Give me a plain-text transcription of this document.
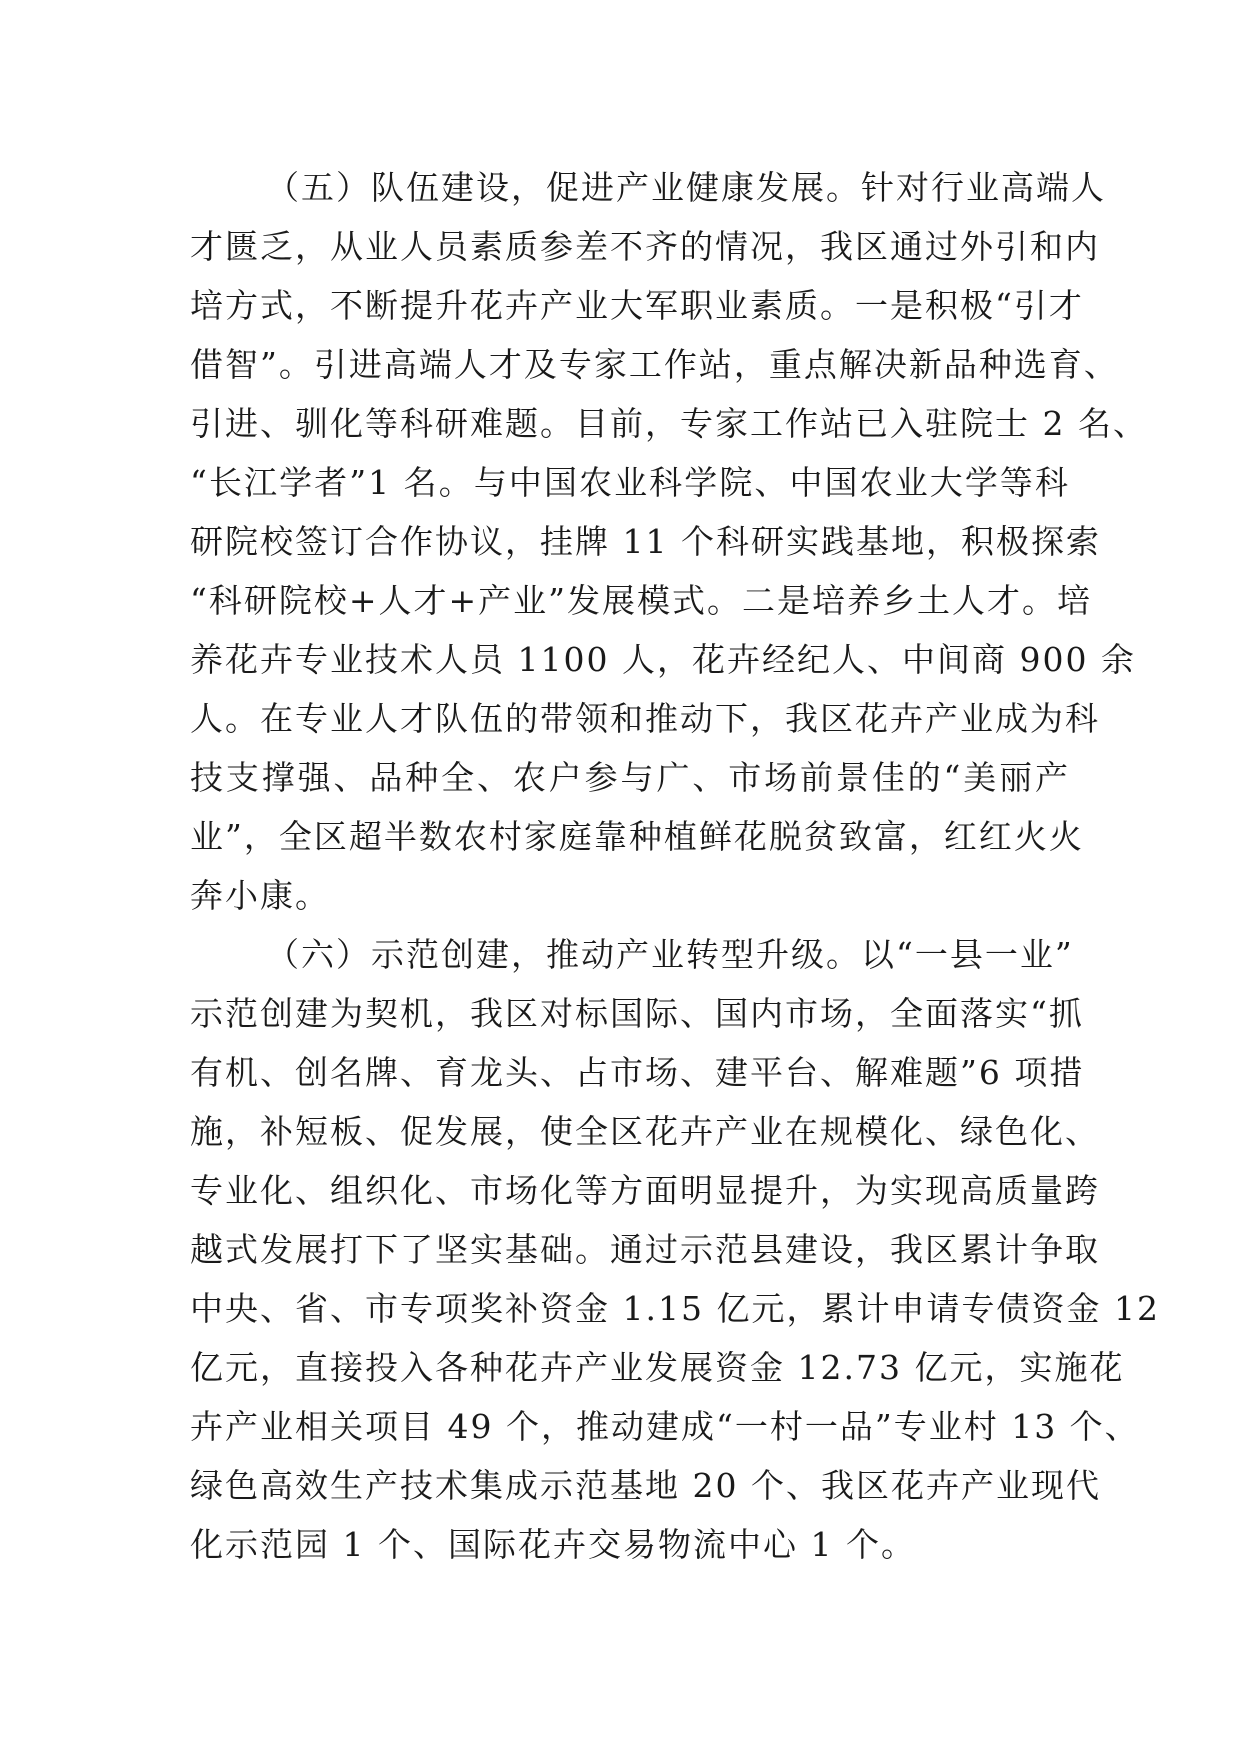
（五）队伍建设，促进产业健康发展。针对行业高端人
才匮乏，从业人员素质参差不齐的情况，我区通过外引和内
培方式，不断提升花卉产业大军职业素质。一是积极“引才
借智”。引进高端人才及专家工作站，重点解决新品种选育、
引进、驯化等科研难题。目前，专家工作站已入驻院士 2 名、
“长江学者”1 名。与中国农业科学院、中国农业大学等科
研院校签订合作协议，挂牌 11 个科研实践基地，积极探索
“科研院校+人才+产业”发展模式。二是培养乡土人才。培
养花卉专业技术人员 1100 人，花卉经纪人、中间商 900 余
人。在专业人才队伍的带领和推动下，我区花卉产业成为科
技支撑强、品种全、农户参与广、市场前景佳的“美丽产
业”，全区超半数农村家庭靠种植鲜花脱贫致富，红红火火
奔小康。
（六）示范创建，推动产业转型升级。以“一县一业”
示范创建为契机，我区对标国际、国内市场，全面落实“抓
有机、创名牌、育龙头、占市场、建平台、解难题”6 项措
施，补短板、促发展，使全区花卉产业在规模化、绿色化、
专业化、组织化、市场化等方面明显提升，为实现高质量跨
越式发展打下了坚实基础。通过示范县建设，我区累计争取
中央、省、市专项奖补资金 1.15 亿元，累计申请专债资金 12
亿元，直接投入各种花卉产业发展资金 12.73 亿元，实施花
卉产业相关项目 49 个，推动建成“一村一品”专业村 13 个、
绿色高效生产技术集成示范基地 20 个、我区花卉产业现代
化示范园 1 个、国际花卉交易物流中心 1 个。
